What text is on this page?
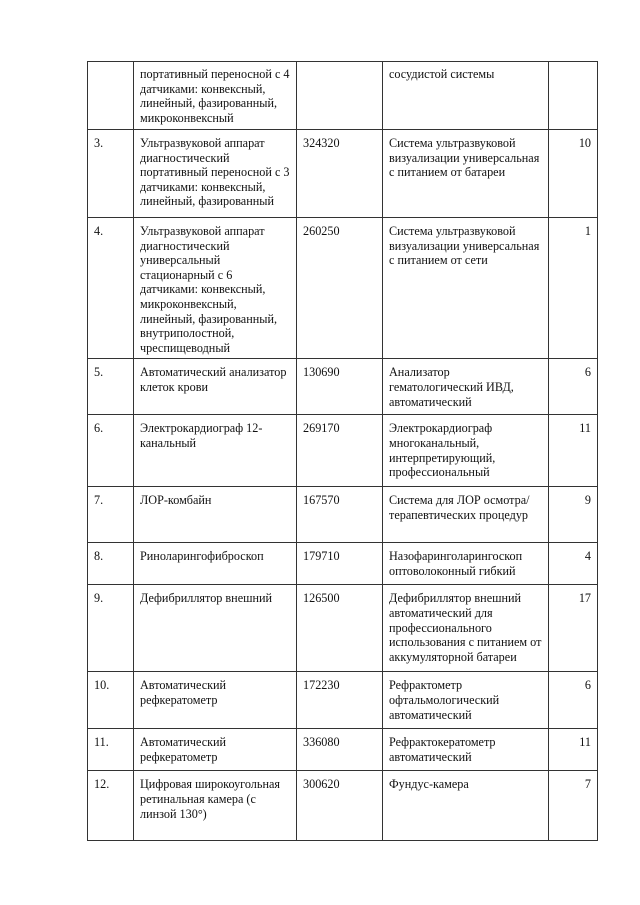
	портативный переносной с 4 датчиками: конвексный, линейный, фазированный, микроконвексный		сосудистой системы	
3.	Ультразвуковой аппарат диагностический портативный переносной с 3 датчиками: конвексный, линейный, фазированный	324320	Система ультразвуковой визуализации универсальная с питанием от батареи	10
4.	Ультразвуковой аппарат диагностический универсальный стационарный с 6 датчиками: конвексный, микроконвексный, линейный, фазированный, внутриполостной, чреспищеводный	260250	Система ультразвуковой визуализации универсальная с питанием от сети	1
5.	Автоматический анализатор клеток крови	130690	Анализатор гематологический ИВД, автоматический	6
6.	Электрокардиограф 12-канальный	269170	Электрокардиограф многоканальный, интерпретирующий, профессиональный	11
7.	ЛОР-комбайн	167570	Система для ЛОР осмотра/терапевтических процедур	9
8.	Риноларингофиброскоп	179710	Назофаринголарингоскоп оптоволоконный гибкий	4
9.	Дефибриллятор внешний	126500	Дефибриллятор внешний автоматический для профессионального использования с питанием от аккумуляторной батареи	17
10.	Автоматический рефкератометр	172230	Рефрактометр офтальмологический автоматический	6
11.	Автоматический рефкератометр	336080	Рефрактокератометр автоматический	11
12.	Цифровая широкоугольная ретинальная камера (с линзой 130°)	300620	Фундус-камера	7
